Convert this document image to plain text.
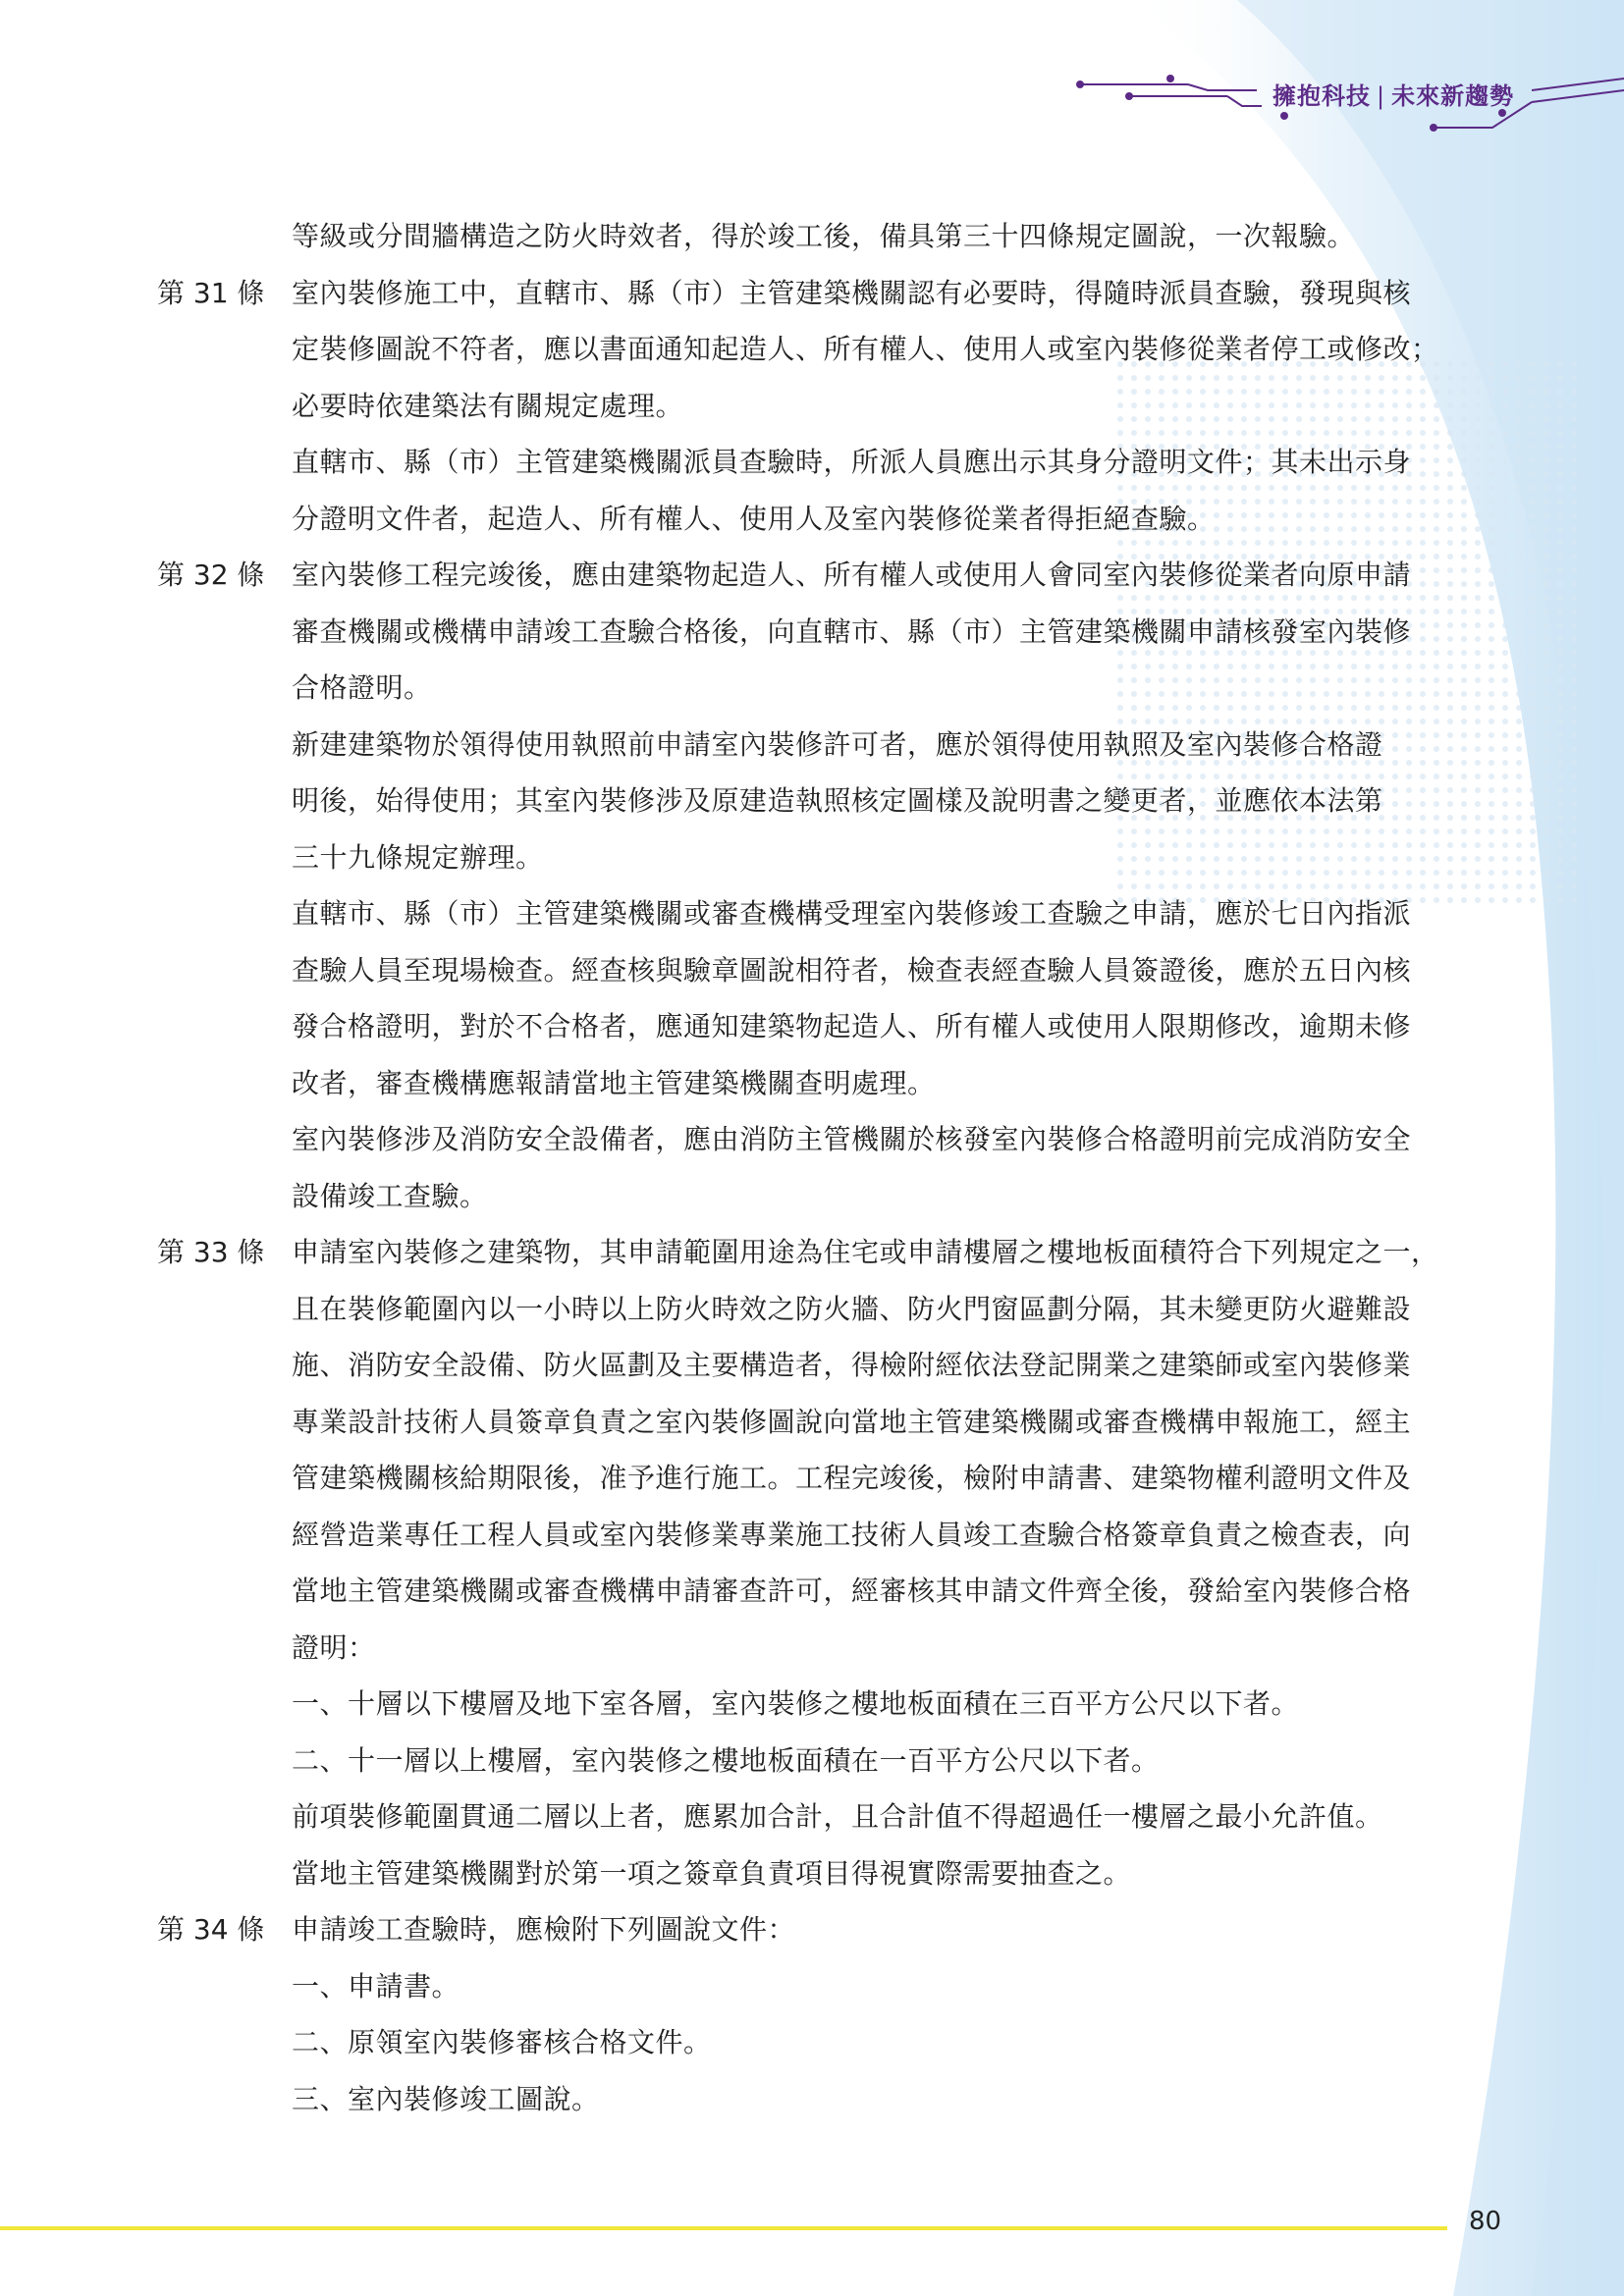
擁抱科技 | 未來新趨勢
等級或分間牆構造之防火時效者，得於竣工後，備具第三十四條規定圖說，一次報驗。
第 31 條 室內裝修施工中，直轄市、縣（市）主管建築機關認有必要時，得隨時派員查驗，發現與核
定裝修圖說不符者，應以書面通知起造人、所有權人、使用人或室內裝修從業者停工或修改；
必要時依建築法有關規定處理。
直轄市、縣（市）主管建築機關派員查驗時，所派人員應出示其身分證明文件；其未出示身
分證明文件者，起造人、所有權人、使用人及室內裝修從業者得拒絕查驗。
第 32 條 室內裝修工程完竣後，應由建築物起造人、所有權人或使用人會同室內裝修從業者向原申請
審查機關或機構申請竣工查驗合格後，向直轄市、縣（市）主管建築機關申請核發室內裝修
合格證明。
新建建築物於領得使用執照前申請室內裝修許可者，應於領得使用執照及室內裝修合格證
明後，始得使用；其室內裝修涉及原建造執照核定圖樣及說明書之變更者，並應依本法第
三十九條規定辦理。
直轄市、縣（市）主管建築機關或審查機構受理室內裝修竣工查驗之申請，應於七日內指派
查驗人員至現場檢查。經查核與驗章圖說相符者，檢查表經查驗人員簽證後，應於五日內核
發合格證明，對於不合格者，應通知建築物起造人、所有權人或使用人限期修改，逾期未修
改者，審查機構應報請當地主管建築機關查明處理。
室內裝修涉及消防安全設備者，應由消防主管機關於核發室內裝修合格證明前完成消防安全
設備竣工查驗。
第 33 條 申請室內裝修之建築物，其申請範圍用途為住宅或申請樓層之樓地板面積符合下列規定之一，
且在裝修範圍內以一小時以上防火時效之防火牆、防火門窗區劃分隔，其未變更防火避難設
施、消防安全設備、防火區劃及主要構造者，得檢附經依法登記開業之建築師或室內裝修業
專業設計技術人員簽章負責之室內裝修圖說向當地主管建築機關或審查機構申報施工，經主
管建築機關核給期限後，准予進行施工。工程完竣後，檢附申請書、建築物權利證明文件及
經營造業專任工程人員或室內裝修業專業施工技術人員竣工查驗合格簽章負責之檢查表，向
當地主管建築機關或審查機構申請審查許可，經審核其申請文件齊全後，發給室內裝修合格
證明：
一、十層以下樓層及地下室各層，室內裝修之樓地板面積在三百平方公尺以下者。
二、十一層以上樓層，室內裝修之樓地板面積在一百平方公尺以下者。
前項裝修範圍貫通二層以上者，應累加合計，且合計值不得超過任一樓層之最小允許值。
當地主管建築機關對於第一項之簽章負責項目得視實際需要抽查之。
第 34 條 申請竣工查驗時，應檢附下列圖說文件：
一、申請書。
二、原領室內裝修審核合格文件。
三、室內裝修竣工圖說。
80
